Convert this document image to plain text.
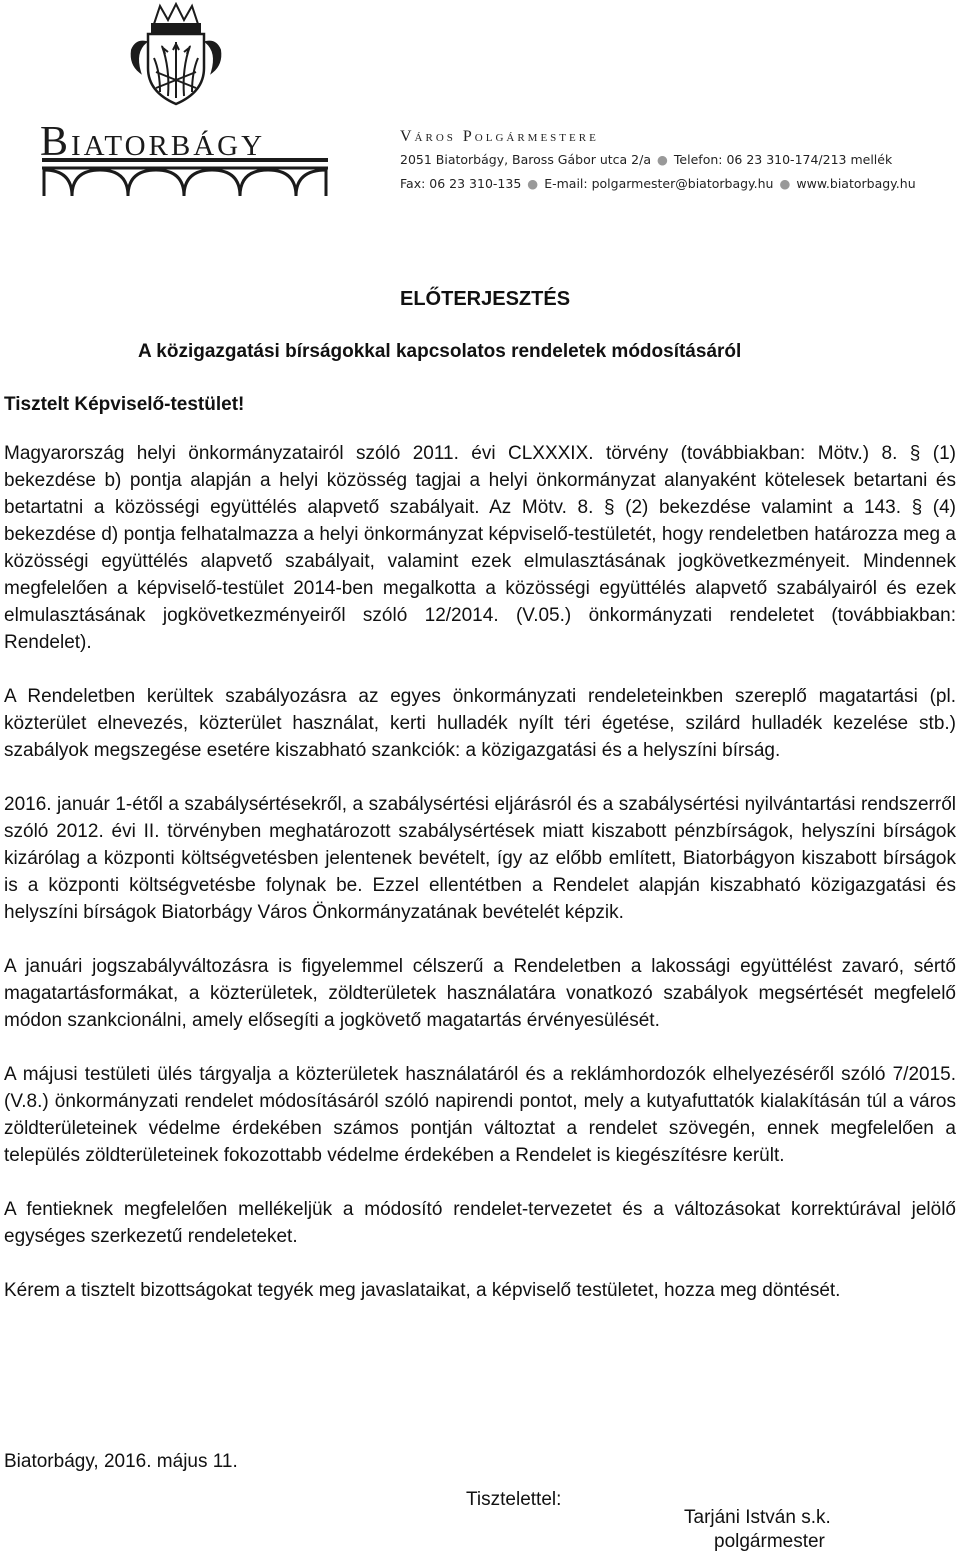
Biatorbágy	Város Polgármestere
2051 Biatorbágy, Baross Gábor utca 2/a ● Telefon: 06 23 310-174/213 mellék
Fax: 06 23 310-135 ● E-mail: polgarmester@biatorbagy.hu ● www.biatorbagy.hu
ELŐTERJESZTÉS
A közigazgatási bírságokkal kapcsolatos rendeletek módosításáról
Tisztelt Képviselő-testület!

Magyarország helyi önkormányzatairól szóló 2011. évi CLXXXIX. törvény (továbbiakban: Mötv.) 8. § (1) bekezdése b) pontja alapján a helyi közösség tagjai a helyi önkormányzat alanyaként kötelesek betartani és betartatni a közösségi együttélés alapvető szabályait. Az Mötv. 8. § (2) bekezdése valamint a 143. § (4) bekezdése d) pontja felhatalmazza a helyi önkormányzat képviselő-testületét, hogy rendeletben határozza meg a közösségi együttélés alapvető szabályait, valamint ezek elmulasztásának jogkövetkezményeit. Mindennek megfelelően a képviselő-testület 2014-ben megalkotta a közösségi együttélés alapvető szabályairól és ezek elmulasztásának jogkövetkezményeiről szóló 12/2014. (V.05.) önkormányzati rendeletet (továbbiakban: Rendelet).

A Rendeletben kerültek szabályozásra az egyes önkormányzati rendeleteinkben szereplő magatartási (pl. közterület elnevezés, közterület használat, kerti hulladék nyílt téri égetése, szilárd hulladék kezelése stb.) szabályok megszegése esetére kiszabható szankciók: a közigazgatási és a helyszíni bírság.

2016. január 1-étől a szabálysértésekről, a szabálysértési eljárásról és a szabálysértési nyilvántartási rendszerről szóló 2012. évi II. törvényben meghatározott szabálysértések miatt kiszabott pénzbírságok, helyszíni bírságok kizárólag a központi költségvetésben jelentenek bevételt, így az előbb említett, Biatorbágyon kiszabott bírságok is a központi költségvetésbe folynak be. Ezzel ellentétben a Rendelet alapján kiszabható közigazgatási és helyszíni bírságok Biatorbágy Város Önkormányzatának bevételét képzik.

A januári jogszabályváltozásra is figyelemmel célszerű a Rendeletben a lakossági együttélést zavaró, sértő magatartásformákat, a közterületek, zöldterületek használatára vonatkozó szabályok megsértését megfelelő módon szankcionálni, amely elősegíti a jogkövető magatartás érvényesülését.

A májusi testületi ülés tárgyalja a közterületek használatáról és a reklámhordozók elhelyezéséről szóló 7/2015. (V.8.) önkormányzati rendelet módosításáról szóló napirendi pontot, mely a kutyafuttatók kialakításán túl a város zöldterületeinek védelme érdekében számos pontján változtat a rendelet szövegén, ennek megfelelően a település zöldterületeinek fokozottabb védelme érdekében a Rendelet is kiegészítésre került.

A fentieknek megfelelően mellékeljük a módosító rendelet-tervezetet és a változásokat korrektúrával jelölő egységes szerkezetű rendeleteket.

Kérem a tisztelt bizottságokat tegyék meg javaslataikat, a képviselő testületet, hozza meg döntését.

Biatorbágy, 2016. május 11.
Tisztelettel:
Tarjáni István s.k.
polgármester
